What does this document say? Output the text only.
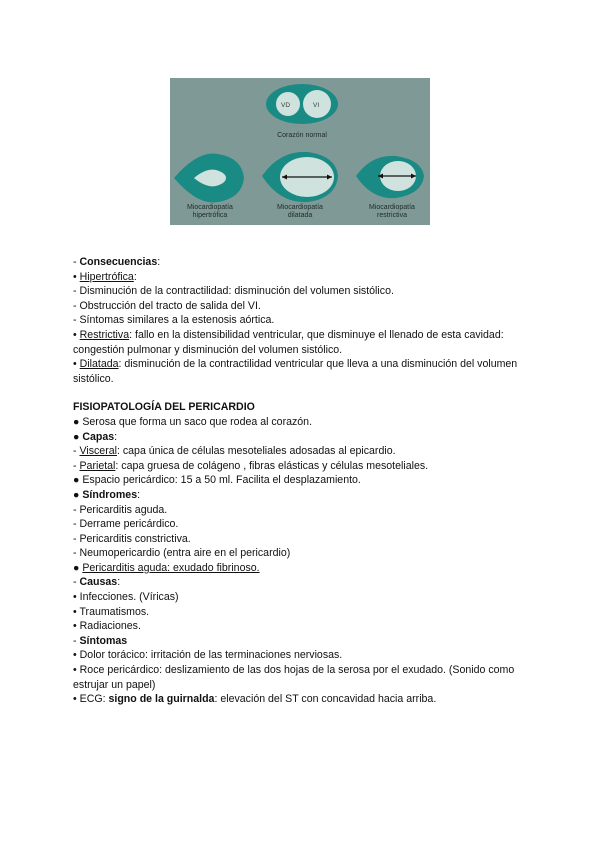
VD	VI
Corazón normal
Miocardiopatía
hipertrófica
Miocardiopatía
dilatada
Miocardiopatía
restrictiva

- Consecuencias:

• Hipertrófica:

- Disminución de la contractilidad: disminución del volumen sistólico.

- Obstrucción del tracto de salida del VI.

- Síntomas similares a la estenosis aórtica.

• Restrictiva: fallo en la distensibilidad ventricular, que disminuye el llenado de esta cavidad: congestión pulmonar y disminución del volumen sistólico.

• Dilatada: disminución de la contractilidad ventricular que lleva a una disminución del volumen sistólico.

FISIOPATOLOGÍA DEL PERICARDIO

● Serosa que forma un saco que rodea al corazón.

● Capas:

- Visceral: capa única de células mesoteliales adosadas al epicardio.

- Parietal: capa gruesa de colágeno , fibras elásticas y células mesoteliales.

● Espacio pericárdico: 15 a 50 ml. Facilita el desplazamiento.

● Síndromes:

- Pericarditis aguda.

- Derrame pericárdico.

- Pericarditis constrictiva.

- Neumopericardio (entra aire en el pericardio)

● Pericarditis aguda: exudado fibrinoso.

- Causas:

• Infecciones. (Víricas)

• Traumatismos.

• Radiaciones.

- Síntomas

• Dolor torácico: irritación de las terminaciones nerviosas.

• Roce pericárdico: deslizamiento de las dos hojas de la serosa por el exudado. (Sonido como estrujar un papel)

• ECG: signo de la guirnalda: elevación del ST con concavidad hacia arriba.
